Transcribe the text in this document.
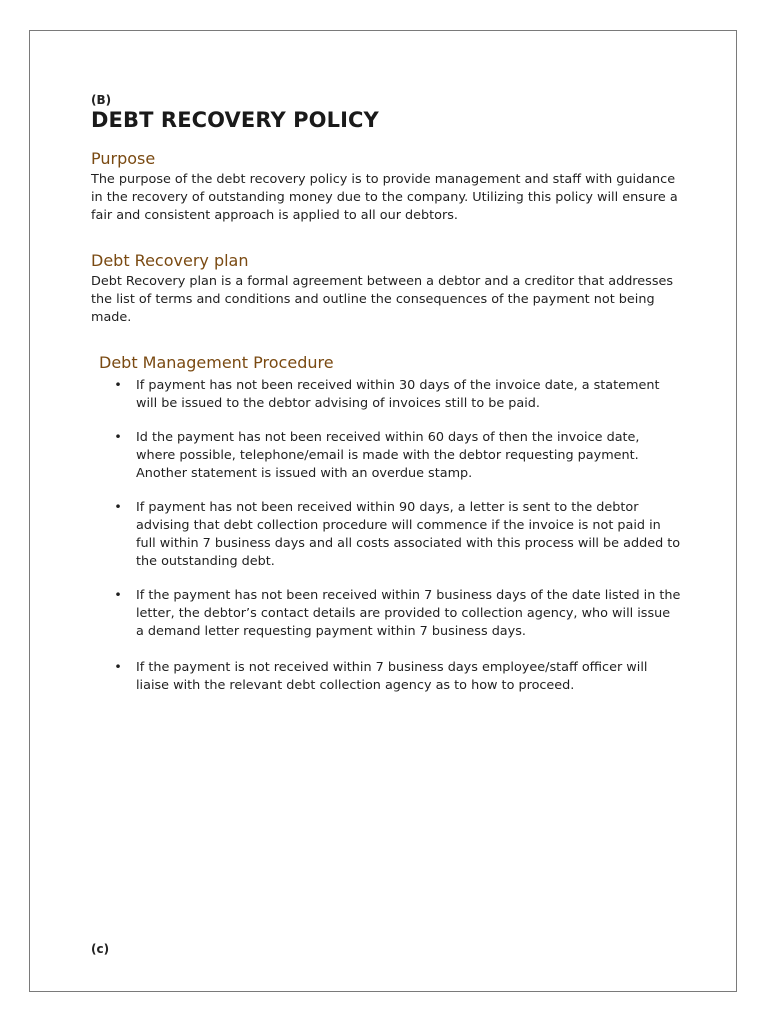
(B)

DEBT RECOVERY POLICY
Purpose

The purpose of the debt recovery policy is to provide management and staff with guidance in the recovery of outstanding money due to the company. Utilizing this policy will ensure a fair and consistent approach is applied to all our debtors.

Debt Recovery plan

Debt Recovery plan is a formal agreement between a debtor and a creditor that addresses the list of terms and conditions and outline the consequences of the payment not being made.

Debt Management Procedure
• If payment has not been received within 30 days of the invoice date, a statement will be issued to the debtor advising of invoices still to be paid.
• Id the payment has not been received within 60 days of then the invoice date, where possible, telephone/email is made with the debtor requesting payment. Another statement is issued with an overdue stamp.
• If payment has not been received within 90 days, a letter is sent to the debtor advising that debt collection procedure will commence if the invoice is not paid in full within 7 business days and all costs associated with this process will be added to the outstanding debt.
• If the payment has not been received within 7 business days of the date listed in the letter, the debtor’s contact details are provided to collection agency, who will issue a demand letter requesting payment within 7 business days.
• If the payment is not received within 7 business days employee/staff officer will liaise with the relevant debt collection agency as to how to proceed.

(c)
